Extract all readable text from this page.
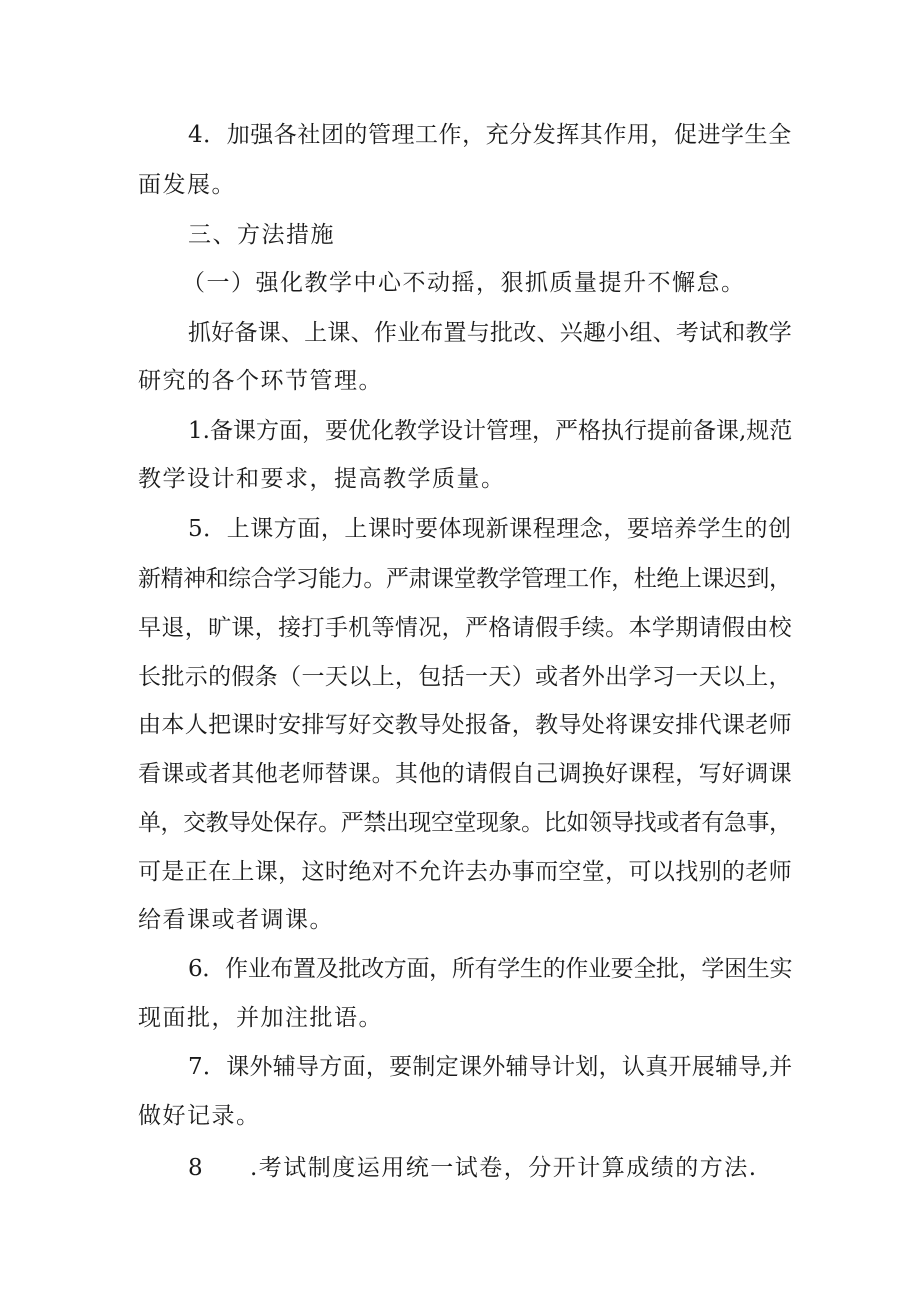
4．加强各社团的管理工作，充分发挥其作用，促进学生全
面发展。
三、方法措施
（一）强化教学中心不动摇，狠抓质量提升不懈怠。
抓好备课、上课、作业布置与批改、兴趣小组、考试和教学
研究的各个环节管理。
1.备课方面，要优化教学设计管理，严格执行提前备课,规范
教学设计和要求，提高教学质量。
5．上课方面，上课时要体现新课程理念，要培养学生的创
新精神和综合学习能力。严肃课堂教学管理工作，杜绝上课迟到，
早退，旷课，接打手机等情况，严格请假手续。本学期请假由校
长批示的假条（一天以上，包括一天）或者外出学习一天以上，
由本人把课时安排写好交教导处报备，教导处将课安排代课老师
看课或者其他老师替课。其他的请假自己调换好课程，写好调课
单，交教导处保存。严禁出现空堂现象。比如领导找或者有急事，
可是正在上课，这时绝对不允许去办事而空堂，可以找别的老师
给看课或者调课。
6．作业布置及批改方面，所有学生的作业要全批，学困生实
现面批，并加注批语。
7．课外辅导方面，要制定课外辅导计划，认真开展辅导,并
做好记录。
8 .考试制度运用统一试卷，分开计算成绩的方法.
